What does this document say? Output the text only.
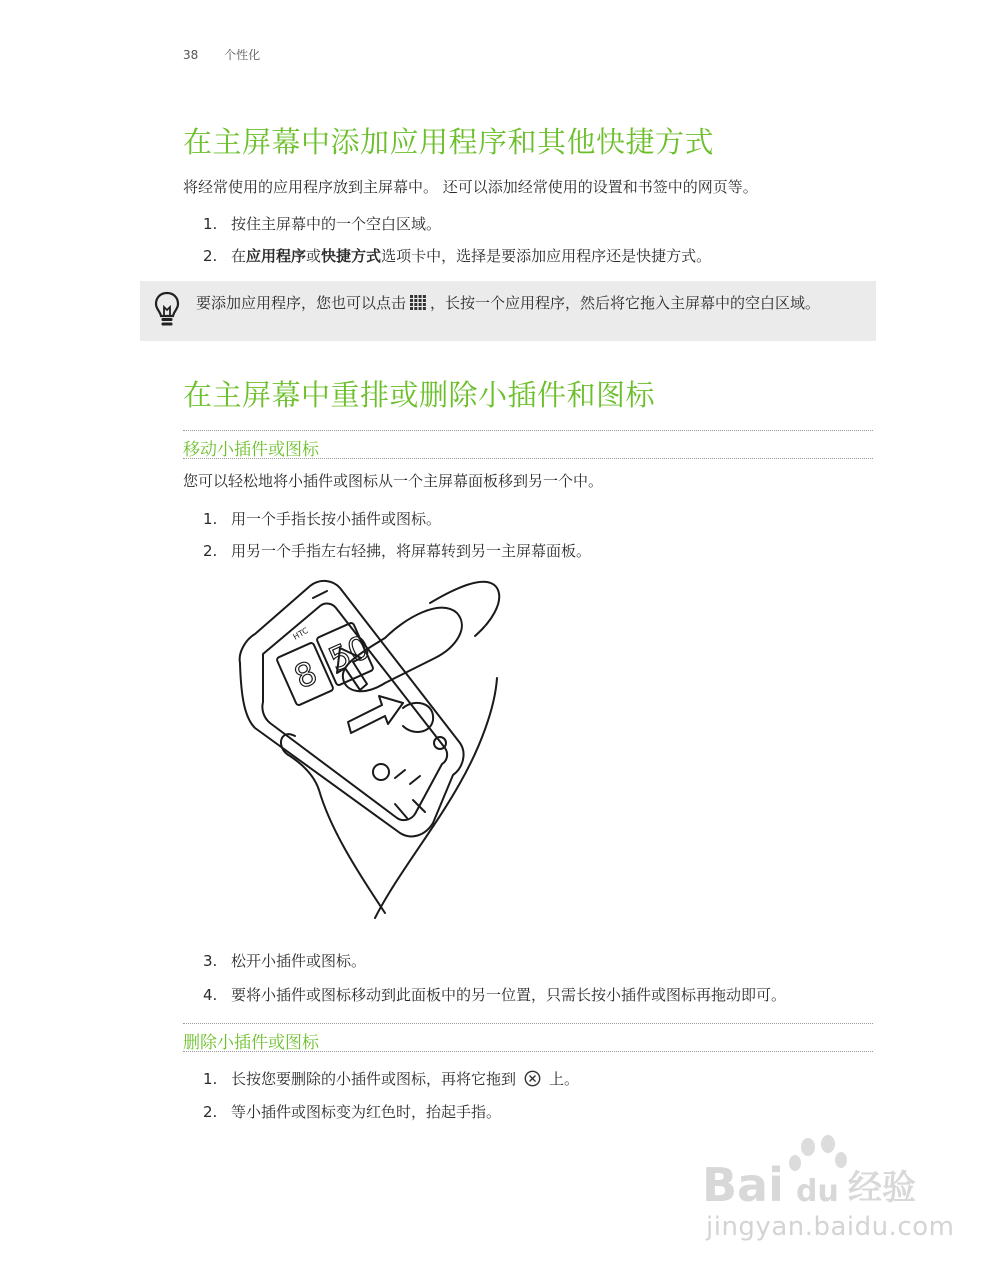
38 个性化
在主屏幕中添加应用程序和其他快捷方式

将经常使用的应用程序放到主屏幕中。 还可以添加经常使用的设置和书签中的网页等。

1. 按住主屏幕中的一个空白区域。

2. 在应用程序或快捷方式选项卡中，选择是要添加应用程序还是快捷方式。

要添加应用程序，您也可以点击 ，长按一个应用程序，然后将它拖入主屏幕中的空白区域。
在主屏幕中重排或删除小插件和图标
移动小插件或图标

您可以轻松地将小插件或图标从一个主屏幕面板移到另一个中。

1. 用一个手指长按小插件或图标。

2. 用另一个手指左右轻拂，将屏幕转到另一主屏幕面板。

HTC
8 50

3. 松开小插件或图标。

4. 要将小插件或图标移动到此面板中的另一位置，只需长按小插件或图标再拖动即可。

删除小插件或图标

1. 长按您要删除的小插件或图标，再将它拖到 上。

2. 等小插件或图标变为红色时，抬起手指。

Bai du 经验
jingyan.baidu.com
